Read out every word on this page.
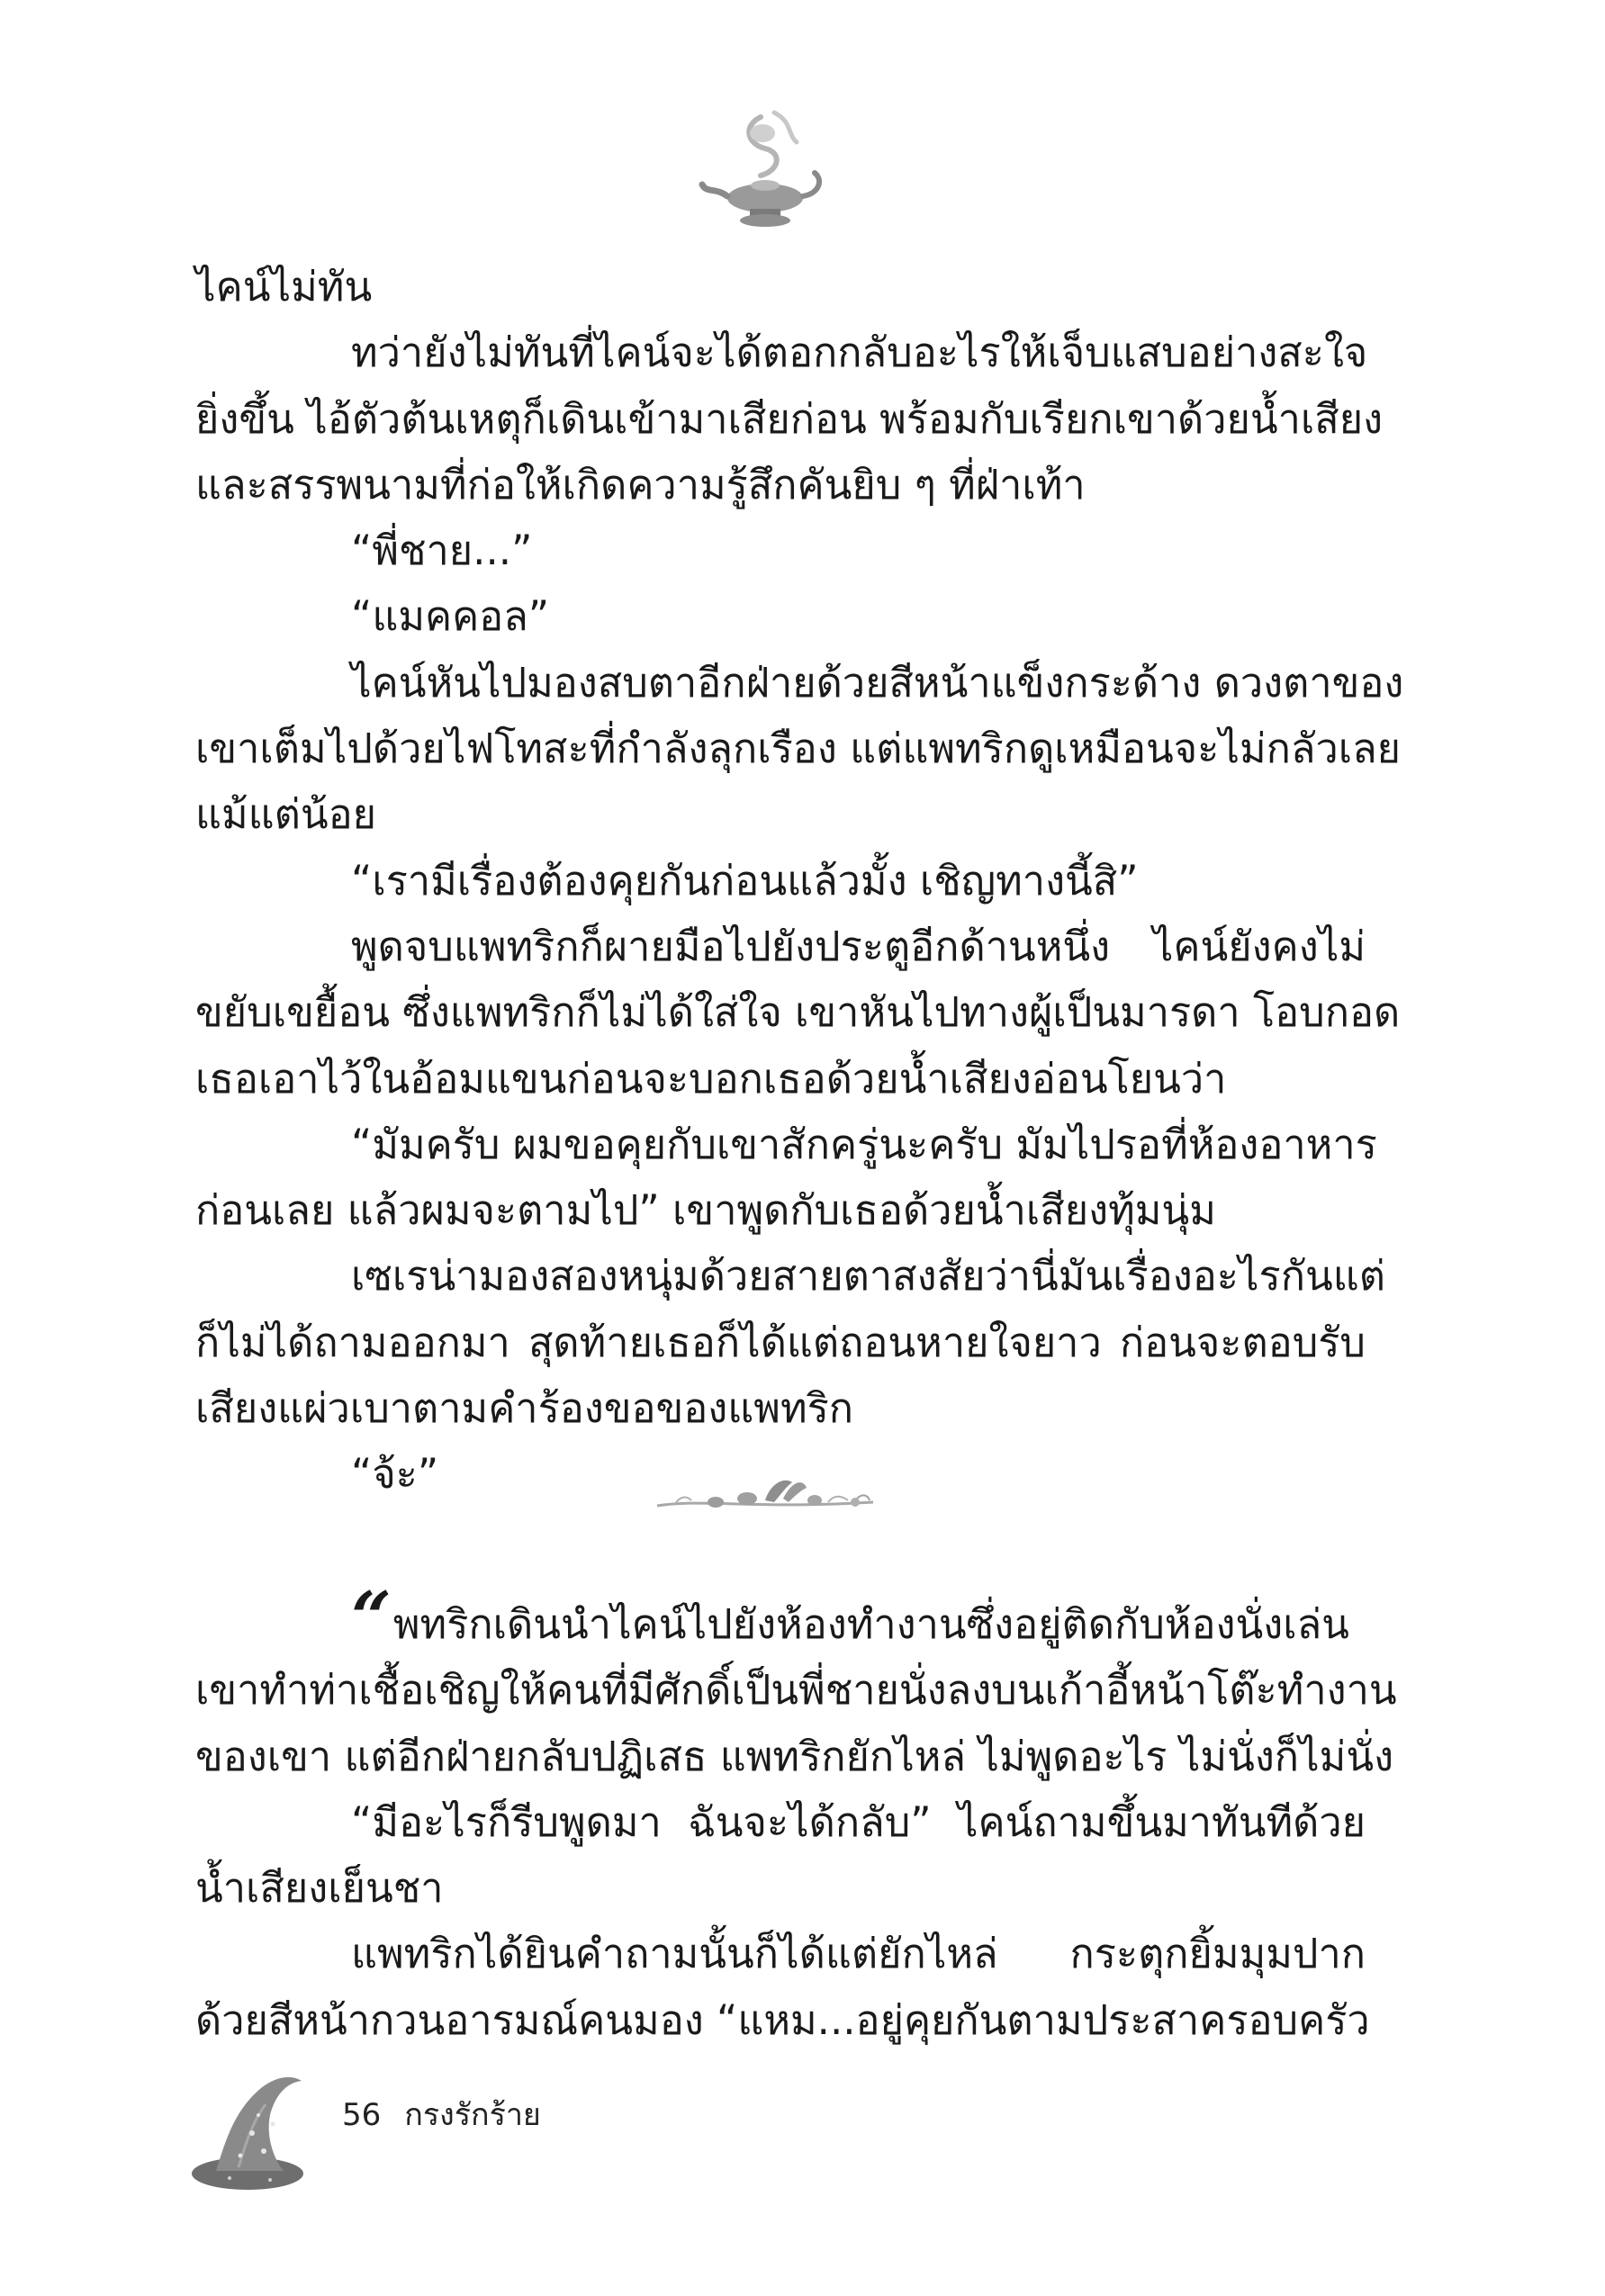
ไคน์ไม่ทัน
ทว่ายังไม่ทันที่ไคน์จะได้ตอกกลับอะไรให้เจ็บแสบอย่างสะใจ
ยิ่งขึ้น ไอ้ตัวต้นเหตุก็เดินเข้ามาเสียก่อน พร้อมกับเรียกเขาด้วยน้ำเสียง
และสรรพนามที่ก่อให้เกิดความรู้สึกคันยิบ ๆ ที่ฝ่าเท้า
“พี่ชาย...”
“แมคคอล”
ไคน์หันไปมองสบตาอีกฝ่ายด้วยสีหน้าแข็งกระด้าง ดวงตาของ
เขาเต็มไปด้วยไฟโทสะที่กำลังลุกเรือง แต่แพทริกดูเหมือนจะไม่กลัวเลย
แม้แต่น้อย
“เรามีเรื่องต้องคุยกันก่อนแล้วมั้ง เชิญทางนี้สิ”
พูดจบแพทริกก็ผายมือไปยังประตูอีกด้านหนึ่ง ไคน์ยังคงไม่
ขยับเขยื้อน ซึ่งแพทริกก็ไม่ได้ใส่ใจ เขาหันไปทางผู้เป็นมารดา โอบกอด
เธอเอาไว้ในอ้อมแขนก่อนจะบอกเธอด้วยน้ำเสียงอ่อนโยนว่า
“มัมครับ ผมขอคุยกับเขาสักครู่นะครับ มัมไปรอที่ห้องอาหาร
ก่อนเลย แล้วผมจะตามไป” เขาพูดกับเธอด้วยน้ำเสียงทุ้มนุ่ม
เซเรน่ามองสองหนุ่มด้วยสายตาสงสัยว่านี่มันเรื่องอะไรกันแต่
ก็ไม่ได้ถามออกมา สุดท้ายเธอก็ได้แต่ถอนหายใจยาว ก่อนจะตอบรับ
เสียงแผ่วเบาตามคำร้องขอของแพทริก
“จ้ะ”
“ พทริกเดินนำไคน์ไปยังห้องทำงานซึ่งอยู่ติดกับห้องนั่งเล่น
เขาทำท่าเชื้อเชิญให้คนที่มีศักดิ์เป็นพี่ชายนั่งลงบนเก้าอี้หน้าโต๊ะทำงาน
ของเขา แต่อีกฝ่ายกลับปฏิเสธ แพทริกยักไหล่ ไม่พูดอะไร ไม่นั่งก็ไม่นั่ง
“มีอะไรก็รีบพูดมา ฉันจะได้กลับ” ไคน์ถามขึ้นมาทันทีด้วย
น้ำเสียงเย็นชา
แพทริกได้ยินคำถามนั้นก็ได้แต่ยักไหล่ กระตุกยิ้มมุมปาก
ด้วยสีหน้ากวนอารมณ์คนมอง “แหม...อยู่คุยกันตามประสาครอบครัว
56 กรงรักร้าย
